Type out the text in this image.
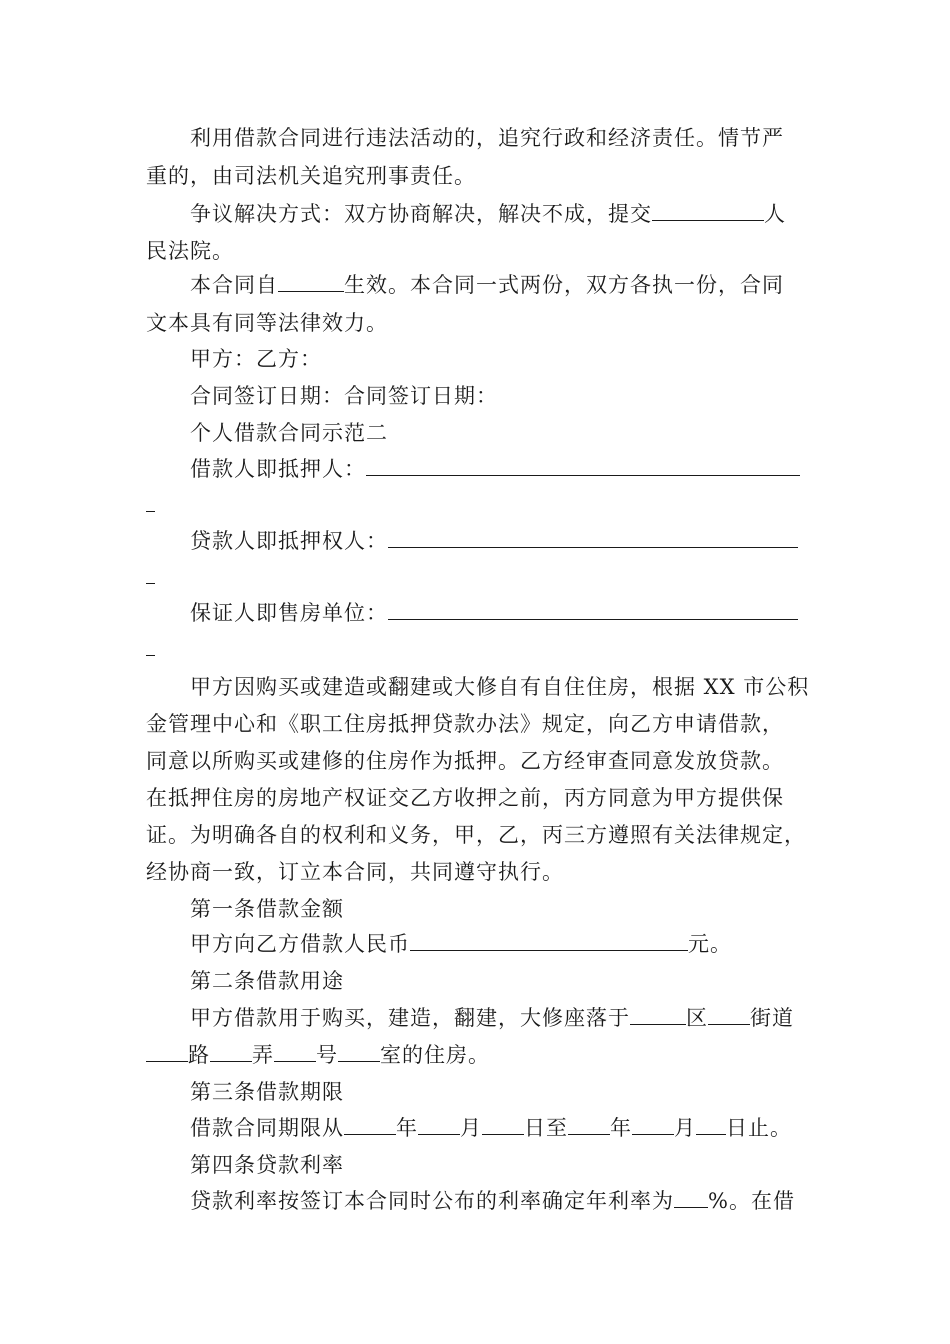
利用借款合同进行违法活动的，追究行政和经济责任。情节严
重的，由司法机关追究刑事责任。
争议解决方式：双方协商解决，解决不成，提交	人
民法院。
本合同自	生效。本合同一式两份，双方各执一份，合同
文本具有同等法律效力。
甲方：乙方：
合同签订日期：合同签订日期：
个人借款合同示范二
借款人即抵押人：
贷款人即抵押权人：
保证人即售房单位：
甲方因购买或建造或翻建或大修自有自住住房，根据 XX 市公积
金管理中心和《职工住房抵押贷款办法》规定，向乙方申请借款，
同意以所购买或建修的住房作为抵押。乙方经审查同意发放贷款。
在抵押住房的房地产权证交乙方收押之前，丙方同意为甲方提供保
证。为明确各自的权利和义务，甲，乙，丙三方遵照有关法律规定，
经协商一致，订立本合同，共同遵守执行。
第一条借款金额
甲方向乙方借款人民币	元。
第二条借款用途
甲方借款用于购买，建造，翻建，大修座落于	区 街道
路 弄 号 室的住房。
第三条借款期限
借款合同期限从 年 月 日至 年 月 日止。
第四条贷款利率
贷款利率按签订本合同时公布的利率确定年利率为 %。在借
